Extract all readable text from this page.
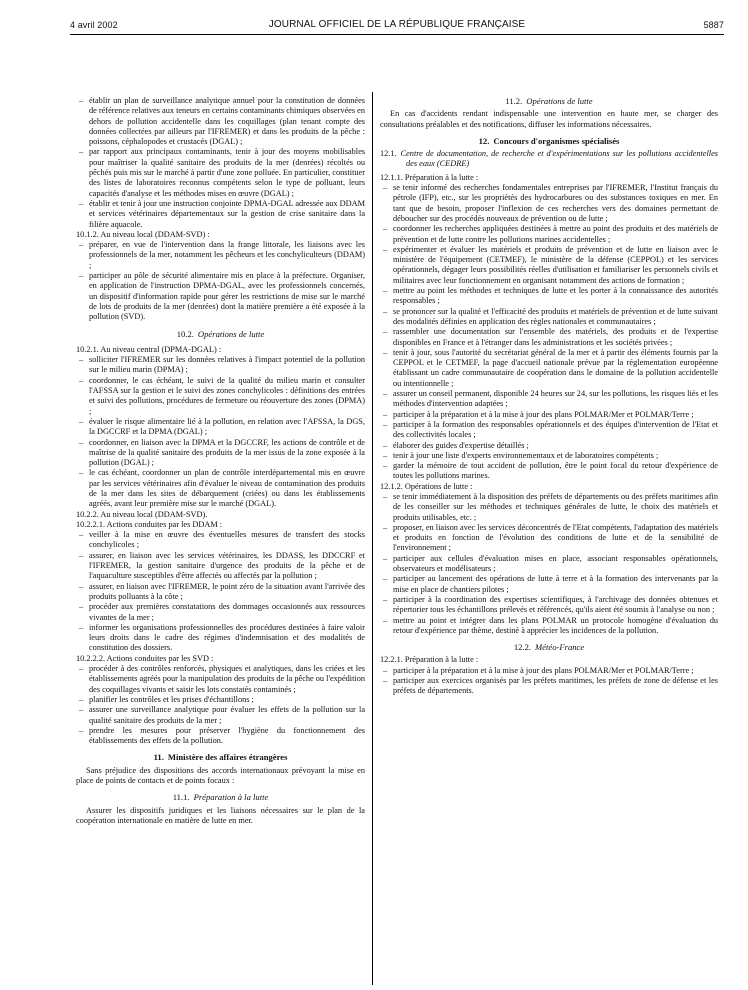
4 avril 2002	JOURNAL OFFICIEL DE LA RÉPUBLIQUE FRANÇAISE	5887

– établir un plan de surveillance analytique annuel pour la constitution de données de référence relatives aux teneurs en certains contaminants chimiques observées en dehors de pollution accidentelle dans les coquillages (plan tenant compte des données collectées par ailleurs par l'IFREMER) et dans les produits de la pêche : poissons, céphalopodes et crustacés (DGAL) ;

– par rapport aux principaux contaminants, tenir à jour des moyens mobilisables pour maîtriser la qualité sanitaire des produits de la mer (denrées) récoltés ou pêchés puis mis sur le marché à partir d'une zone polluée. En particulier, constituer des listes de laboratoires reconnus compétents selon le type de polluant, leurs capacités d'analyse et les méthodes mises en œuvre (DGAL) ;

– établir et tenir à jour une instruction conjointe DPMA-DGAL adressée aux DDAM et services vétérinaires départementaux sur la gestion de crise sanitaire dans la filière aquacole.

10.1.2. Au niveau local (DDAM-SVD) :

– préparer, en vue de l'intervention dans la frange littorale, les liaisons avec les professionnels de la mer, notamment les pêcheurs et les conchyliculteurs (DDAM) ;

– participer au pôle de sécurité alimentaire mis en place à la préfecture. Organiser, en application de l'instruction DPMA-DGAL, avec les professionnels concernés, un dispositif d'information rapide pour gérer les restrictions de mise sur le marché de lots de produits de la mer (denrées) dont la matière première a été exposée à la pollution (SVD).

10.2. Opérations de lutte

10.2.1. Au niveau central (DPMA-DGAL) :

– solliciter l'IFREMER sur les données relatives à l'impact potentiel de la pollution sur le milieu marin (DPMA) ;

– coordonner, le cas échéant, le suivi de la qualité du milieu marin et consulter l'AFSSA sur la gestion et le suivi des zones conchylicoles : définitions des entrées et suivi des pollutions, procédures de fermeture ou réouverture des zones (DPMA) ;

– évaluer le risque alimentaire lié à la pollution, en relation avec l'AFSSA, la DGS, la DGCCRF et la DPMA (DGAL) ;

– coordonner, en liaison avec la DPMA et la DGCCRF, les actions de contrôle et de maîtrise de la qualité sanitaire des produits de la mer issus de la zone exposée à la pollution (DGAL) ;

– le cas échéant, coordonner un plan de contrôle interdépartemental mis en œuvre par les services vétérinaires afin d'évaluer le niveau de contamination des produits de la mer dans les sites de débarquement (criées) ou dans les établissements agréés, avant leur première mise sur le marché (DGAL).

10.2.2. Au niveau local (DDAM-SVD).

10.2.2.1. Actions conduites par les DDAM :

– veiller à la mise en œuvre des éventuelles mesures de transfert des stocks conchylicoles ;

– assurer, en liaison avec les services vétérinaires, les DDASS, les DDCCRF et l'IFREMER, la gestion sanitaire d'urgence des produits de la pêche et de l'aquaculture susceptibles d'être affectés ou affectés par la pollution ;

– assurer, en liaison avec l'IFREMER, le point zéro de la situation avant l'arrivée des produits polluants à la côte ;

– procéder aux premières constatations des dommages occasionnés aux ressources vivantes de la mer ;

– informer les organisations professionnelles des procédures destinées à faire valoir leurs droits dans le cadre des régimes d'indemnisation et des modalités de constitution des dossiers.

10.2.2.2. Actions conduites par les SVD :

– procéder à des contrôles renforcés, physiques et analytiques, dans les criées et les établissements agréés pour la manipulation des produits de la pêche ou l'expédition des coquillages vivants et saisir les lots constatés contaminés ;

– planifier les contrôles et les prises d'échantillons ;

– assurer une surveillance analytique pour évaluer les effets de la pollution sur la qualité sanitaire des produits de la mer ;

– prendre les mesures pour préserver l'hygiène du fonctionnement des établissements des effets de la pollution.

11. Ministère des affaires étrangères

Sans préjudice des dispositions des accords internationaux prévoyant la mise en place de points de contacts et de points focaux :

11.1. Préparation à la lutte

Assurer les dispositifs juridiques et les liaisons nécessaires sur le plan de la coopération internationale en matière de lutte en mer.

11.2. Opérations de lutte

En cas d'accidents rendant indispensable une intervention en haute mer, se charger des consultations préalables et des notifications, diffuser les informations nécessaires.

12. Concours d'organismes spécialisés

12.1. Centre de documentation, de recherche et d'expérimentations sur les pollutions accidentelles des eaux (CEDRE)

12.1.1. Préparation à la lutte :

– se tenir informé des recherches fondamentales entreprises par l'IFREMER, l'Institut français du pétrole (IFP), etc., sur les propriétés des hydrocarbures ou des substances toxiques en mer. En tant que de besoin, proposer l'inflexion de ces recherches vers des domaines permettant de déboucher sur des procédés nouveaux de prévention ou de lutte ;

– coordonner les recherches appliquées destinées à mettre au point des produits et des matériels de prévention et de lutte contre les pollutions marines accidentelles ;

– expérimenter et évaluer les matériels et produits de prévention et de lutte en liaison avec le ministère de l'équipement (CETMEF), le ministère de la défense (CEPPOL) et les services opérationnels, dégager leurs possibilités réelles d'utilisation et familiariser les personnels civils et militaires avec leur fonctionnement en organisant notamment des actions de formation ;

– mettre au point les méthodes et techniques de lutte et les porter à la connaissance des autorités responsables ;

– se prononcer sur la qualité et l'efficacité des produits et matériels de prévention et de lutte suivant des modalités définies en application des règles nationales et communautaires ;

– rassembler une documentation sur l'ensemble des matériels, des produits et de l'expertise disponibles en France et à l'étranger dans les administrations et les sociétés privées ;

– tenir à jour, sous l'autorité du secrétariat général de la mer et à partir des éléments fournis par la CEPPOL et le CETMEF, la page d'accueil nationale prévue par la réglementation européenne établissant un cadre communautaire de coopération dans le domaine de la pollution accidentelle ou intentionnelle ;

– assurer un conseil permanent, disponible 24 heures sur 24, sur les pollutions, les risques liés et les méthodes d'intervention adaptées ;

– participer à la préparation et à la mise à jour des plans POLMAR/Mer et POLMAR/Terre ;

– participer à la formation des responsables opérationnels et des équipes d'intervention de l'Etat et des collectivités locales ;

– élaborer des guides d'expertise détaillés ;

– tenir à jour une liste d'experts environnementaux et de laboratoires compétents ;

– garder la mémoire de tout accident de pollution, être le point focal du retour d'expérience de toutes les pollutions marines.

12.1.2. Opérations de lutte :

– se tenir immédiatement à la disposition des préfets de départements ou des préfets maritimes afin de les conseiller sur les méthodes et techniques générales de lutte, le choix des matériels et produits utilisables, etc. ;

– proposer, en liaison avec les services déconcentrés de l'Etat compétents, l'adaptation des matériels et produits en fonction de l'évolution des conditions de lutte et de la sensibilité de l'environnement ;

– participer aux cellules d'évaluation mises en place, associant responsables opérationnels, observateurs et modélisateurs ;

– participer au lancement des opérations de lutte à terre et à la formation des intervenants par la mise en place de chantiers pilotes ;

– participer à la coordination des expertises scientifiques, à l'archivage des données obtenues et répertorier tous les échantillons prélevés et référencés, qu'ils aient été soumis à l'analyse ou non ;

– mettre au point et intégrer dans les plans POLMAR un protocole homogène d'évaluation du retour d'expérience par thème, destiné à apprécier les incidences de la pollution.

12.2. Météo-France

12.2.1. Préparation à la lutte :

– participer à la préparation et à la mise à jour des plans POLMAR/Mer et POLMAR/Terre ;

– participer aux exercices organisés par les préfets maritimes, les préfets de zone de défense et les préfets de départements.
